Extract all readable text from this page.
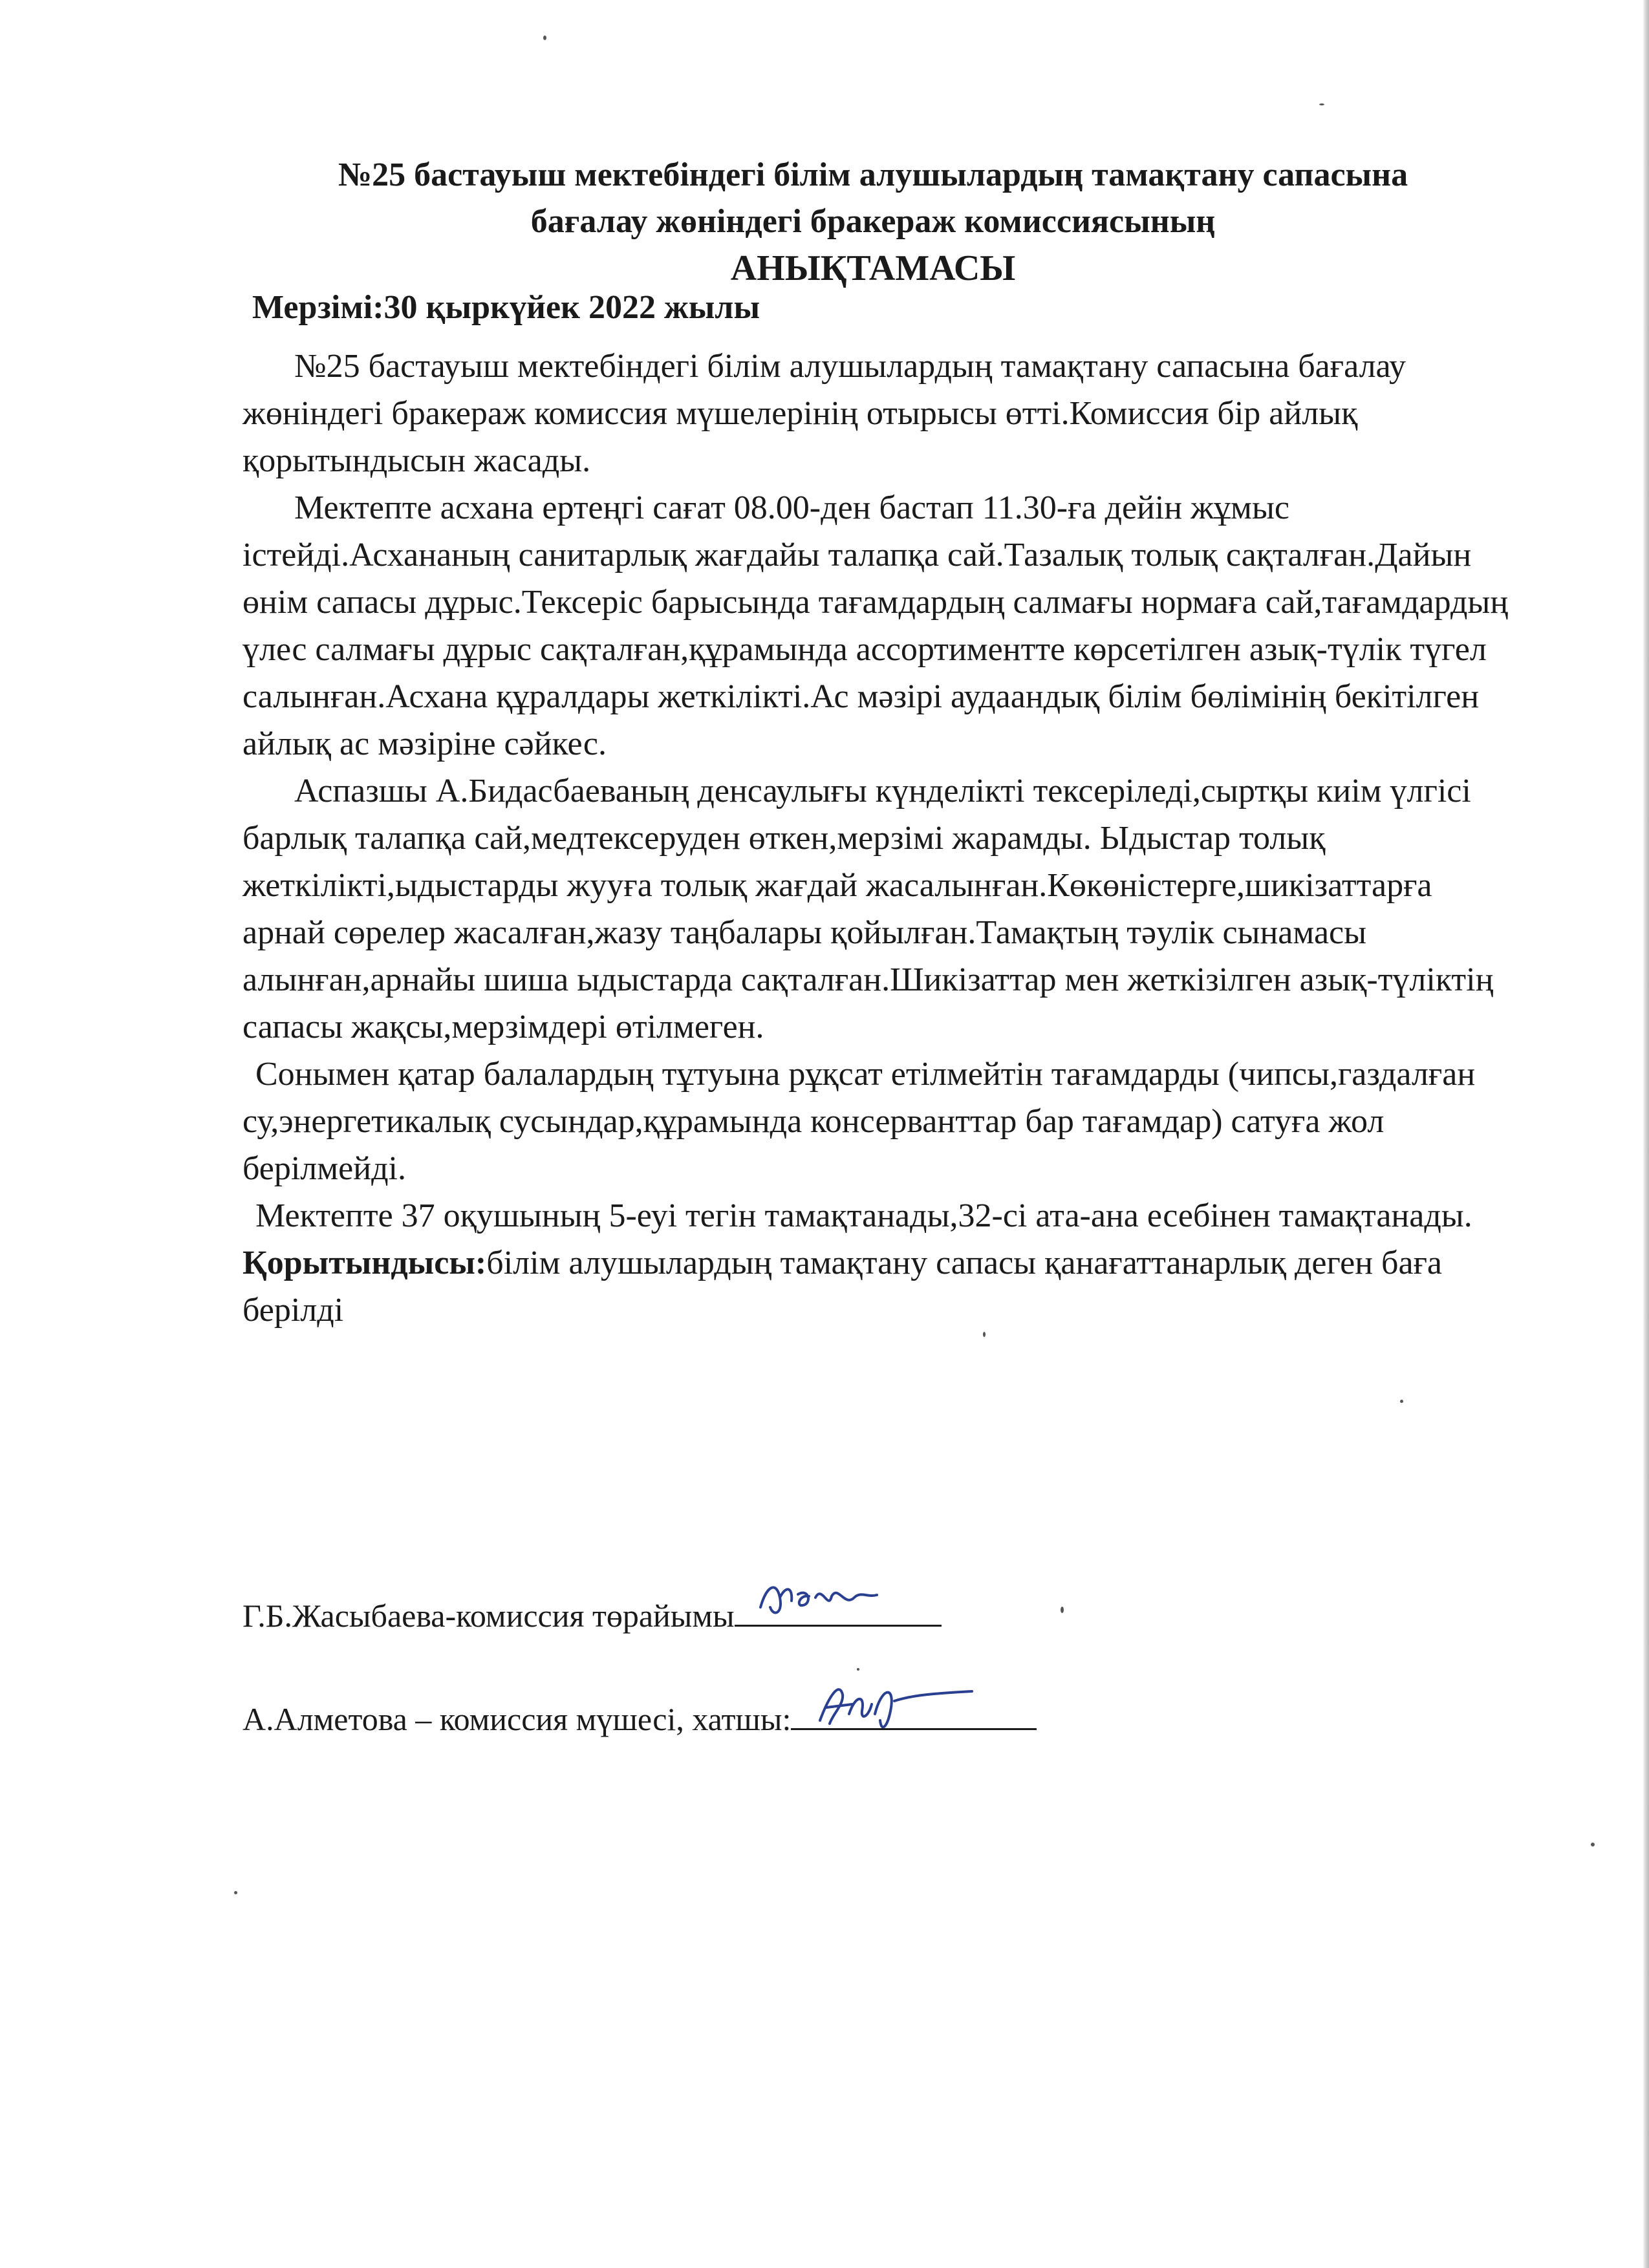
№25 бастауыш мектебіндегі білім алушылардың тамақтану сапасына
бағалау жөніндегі бракераж комиссиясының
АНЫҚТАМАСЫ
Мерзімі:30 қыркүйек 2022 жылы

№25 бастауыш мектебіндегі білім алушылардың тамақтану сапасына бағалау жөніндегі бракераж комиссия мүшелерінің отырысы өтті.Комиссия бір айлық қорытындысын жасады.

Мектепте асхана ертеңгі сағат 08.00-ден бастап 11.30-ға дейін жұмыс істейді.Асхананың санитарлық жағдайы талапқа сай.Тазалық толық сақталған.Дайын өнім сапасы дұрыс.Тексеріс барысында тағамдардың салмағы нормаға сай,тағамдардың үлес салмағы дұрыс сақталған,құрамында ассортиментте көрсетілген азық-түлік түгел салынған.Асхана құралдары жеткілікті.Ас мәзірі аудаандық білім бөлімінің бекітілген айлық ас мәзіріне сәйкес.

Аспазшы А.Бидасбаеваның денсаулығы күнделікті тексеріледі,сыртқы киім үлгісі барлық талапқа сай,медтексеруден өткен,мерзімі жарамды. Ыдыстар толық жеткілікті,ыдыстарды жууға толық жағдай жасалынған.Көкөністерге,шикізаттарға арнай сөрелер жасалған,жазу таңбалары қойылған.Тамақтың тәулік сынамасы алынған,арнайы шиша ыдыстарда сақталған.Шикізаттар мен жеткізілген азық-түліктің сапасы жақсы,мерзімдері өтілмеген.

Сонымен қатар балалардың тұтуына рұқсат етілмейтін тағамдарды (чипсы,газдалған су,энергетикалық сусындар,құрамында консерванттар бар тағамдар) сатуға жол берілмейді.

Мектепте 37 оқушының 5-еуі тегін тамақтанады,32-сі ата-ана есебінен тамақтанады.

Қорытындысы:білім алушылардың тамақтану сапасы қанағаттанарлық деген баға берілді

Г.Б.Жасыбаева-комиссия төрайымы
А.Алметова – комиссия мүшесі, хатшы:
